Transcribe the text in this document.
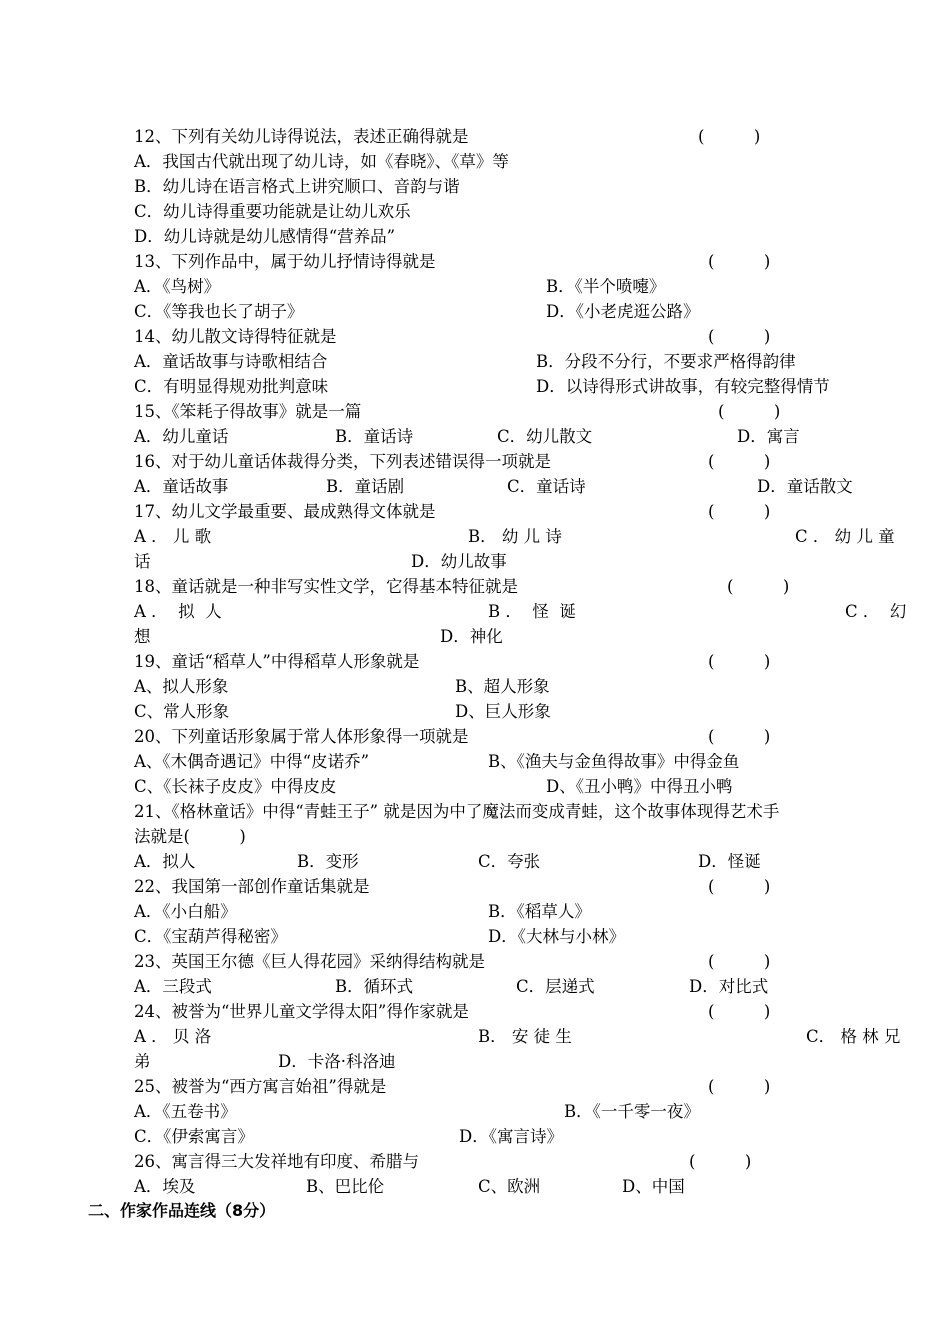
12、下列有关幼儿诗得说法，表述正确得就是	(　　　)
A．我国古代就出现了幼儿诗，如《春晓》、《草》等
B．幼儿诗在语言格式上讲究顺口、音韵与谐
C．幼儿诗得重要功能就是让幼儿欢乐
D．幼儿诗就是幼儿感情得“营养品”
13、下列作品中，属于幼儿抒情诗得就是	(　　　)
A．《鸟树》	B．《半个喷嚏》
C．《等我也长了胡子》	D．《小老虎逛公路》
14、幼儿散文诗得特征就是	(　　　)
A．童话故事与诗歌相结合	B．分段不分行，不要求严格得韵律
C．有明显得规劝批判意味	D．以诗得形式讲故事，有较完整得情节
15、《笨耗子得故事》就是一篇	(　　　)
A．幼儿童话	B．童话诗	C．幼儿散文	D．寓言
16、对于幼儿童话体裁得分类，下列表述错误得一项就是	(　　　)
A．童话故事	B．童话剧	C．童话诗	D．童话散文
17、幼儿文学最重要、最成熟得文体就是	(　　　)
A ． 儿 歌	B． 幼 儿 诗	C ． 幼 儿 童
话	D．幼儿故事
18、童话就是一种非写实性文学，它得基本特征就是	(　　　)
A ．  拟  人	B ．  怪  诞	C ．  幻
想	D．神化
19、童话“稻草人”中得稻草人形象就是	(　　　)
A、拟人形象	B、超人形象
C、常人形象	D、巨人形象
20、下列童话形象属于常人体形象得一项就是	(　　　)
A、《木偶奇遇记》中得“皮诺乔”	B、《渔夫与金鱼得故事》中得金鱼
C、《长袜子皮皮》中得皮皮	D、《丑小鸭》中得丑小鸭
21、《格林童话》中得“青蛙王子” 就是因为中了魔法而变成青蛙，这个故事体现得艺术手
法就是(　　　)
A．拟人	B．变形	C．夸张	D．怪诞
22、我国第一部创作童话集就是	(　　　)
A．《小白船》	B．《稻草人》
C．《宝葫芦得秘密》	D．《大林与小林》
23、英国王尔德《巨人得花园》采纳得结构就是	(　　　)
A．三段式	B．循环式	C．层递式	D．对比式
24、被誉为“世界儿童文学得太阳”得作家就是	(　　　)
A ． 贝 洛	B． 安 徒 生	C． 格 林 兄
弟	D．卡洛·科洛迪
25、被誉为“西方寓言始祖”得就是	(　　　)
A．《五卷书》	B．《一千零一夜》
C．《伊索寓言》	D．《寓言诗》
26、寓言得三大发祥地有印度、希腊与	(　　　)
A．埃及	B、巴比伦	C、欧洲	D、中国
二、作家作品连线（8分）
